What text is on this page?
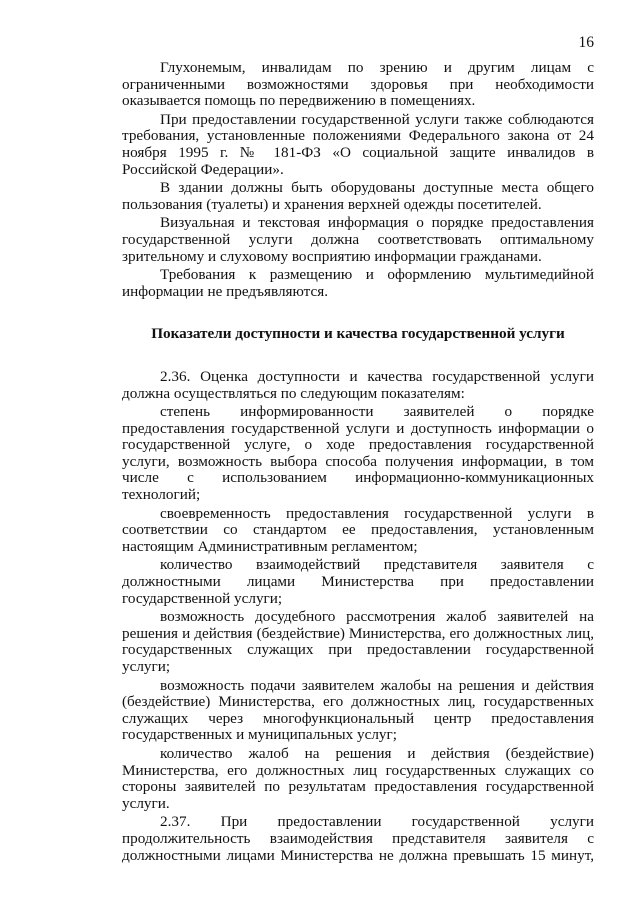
16

Глухонемым, инвалидам по зрению и другим лицам с ограниченными возможностями здоровья при необходимости оказывается помощь по передвижению в помещениях.

При предоставлении государственной услуги также соблюдаются требования, установленные положениями Федерального закона от 24 ноября 1995 г. № 181-ФЗ «О социальной защите инвалидов в Российской Федерации».

В здании должны быть оборудованы доступные места общего пользования (туалеты) и хранения верхней одежды посетителей.

Визуальная и текстовая информация о порядке предоставления государственной услуги должна соответствовать оптимальному зрительному и слуховому восприятию информации гражданами.

Требования к размещению и оформлению мультимедийной информации не предъявляются.

Показатели доступности и качества государственной услуги

2.36. Оценка доступности и качества государственной услуги должна осуществляться по следующим показателям:

степень информированности заявителей о порядке предоставления государственной услуги и доступность информации о государственной услуге, о ходе предоставления государственной услуги, возможность выбора способа получения информации, в том числе с использованием информационно-коммуникационных технологий;

своевременность предоставления государственной услуги в соответствии со стандартом ее предоставления, установленным настоящим Административным регламентом;

количество взаимодействий представителя заявителя с должностными лицами Министерства при предоставлении государственной услуги;

возможность досудебного рассмотрения жалоб заявителей на решения и действия (бездействие) Министерства, его должностных лиц, государственных служащих при предоставлении государственной услуги;

возможность подачи заявителем жалобы на решения и действия (бездействие) Министерства, его должностных лиц, государственных служащих через многофункциональный центр предоставления государственных и муниципальных услуг;

количество жалоб на решения и действия (бездействие) Министерства, его должностных лиц государственных служащих со стороны заявителей по результатам предоставления государственной услуги.

2.37. При предоставлении государственной услуги продолжительность взаимодействия представителя заявителя с должностными лицами Министерства не должна превышать 15 минут,
